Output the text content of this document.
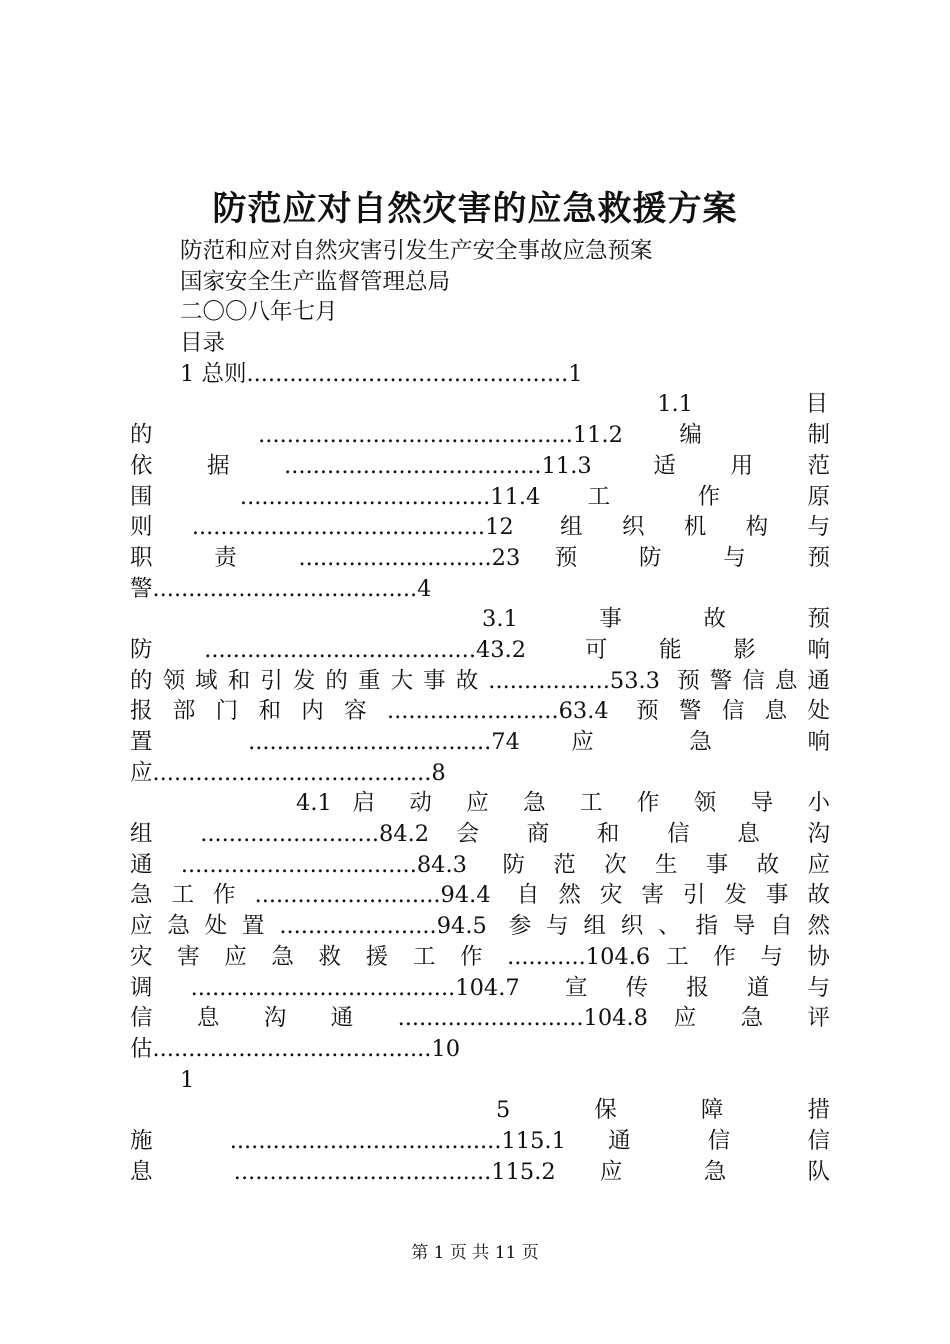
防范应对自然灾害的应急救援方案
防范和应对自然灾害引发生产安全事故应急预案
国家安全生产监督管理总局
二〇〇八年七月
目录
1 总则.............................................1
1.1　　　　　目
的 ............................................11.2 编 制
依据....................................11.3 适用范
围 ...................................11.4 工 作 原
则.........................................12 组织机构与
职 责 ...........................23 预 防 与 预
警.....................................4
3.1　　　事　　　故　　　预
防......................................43.2 可能影响
的领域和引发的重大事故.................53.3 预警信息通
报部门和内容........................63.4 预警信息处
置 ..................................74 应 急 响
应.......................................8
4.1 启 动 应 急 工 作 领 导 小
组 .........................84.2 会 商 和 信 息 沟
通.................................84.3 防范次生事故应
急工作..........................94.4 自然灾害引发事故
应急处置......................94.5 参与组织、指导自然
灾 害 应 急 救 援 工 作 ...........104.6 工 作 与 协
调.....................................104.7 宣传报道与
信 息 沟 通 ..........................104.8 应 急 评
估.......................................10
1
5　　　保　　　障　　　措
施 ......................................115.1 通 信 信
息 ....................................115.2 应 急 队
第 1 页 共 11 页
